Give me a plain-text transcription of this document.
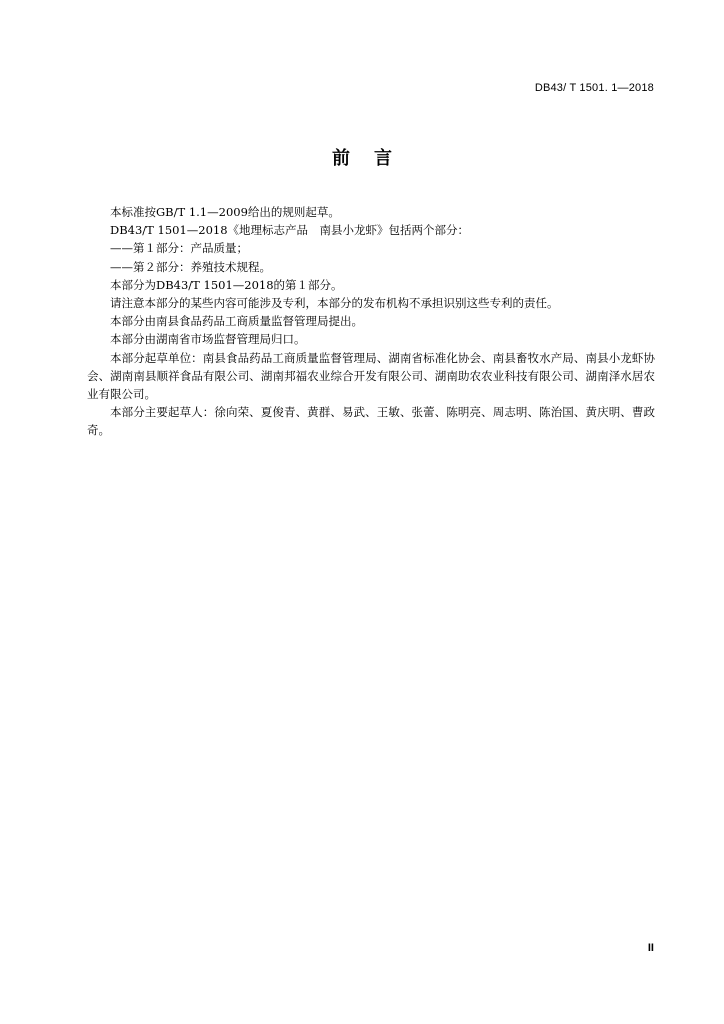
DB43/ T 1501. 1—2018
前言

本标准按GB/T 1.1—2009给出的规则起草。

DB43/T 1501—2018《地理标志产品　南县小龙虾》包括两个部分：

——第１部分：产品质量；

——第２部分：养殖技术规程。

本部分为DB43/T 1501—2018的第１部分。

请注意本部分的某些内容可能涉及专利，本部分的发布机构不承担识别这些专利的责任。

本部分由南县食品药品工商质量监督管理局提出。

本部分由湖南省市场监督管理局归口。

本部分起草单位：南县食品药品工商质量监督管理局、湖南省标准化协会、南县畜牧水产局、南县小龙虾协会、湖南南县顺祥食品有限公司、湖南邦福农业综合开发有限公司、湖南助农农业科技有限公司、湖南泽水居农业有限公司。

本部分主要起草人：徐向荣、夏俊青、黄群、易武、王敏、张蕾、陈明亮、周志明、陈治国、黄庆明、曹政奇。

II
